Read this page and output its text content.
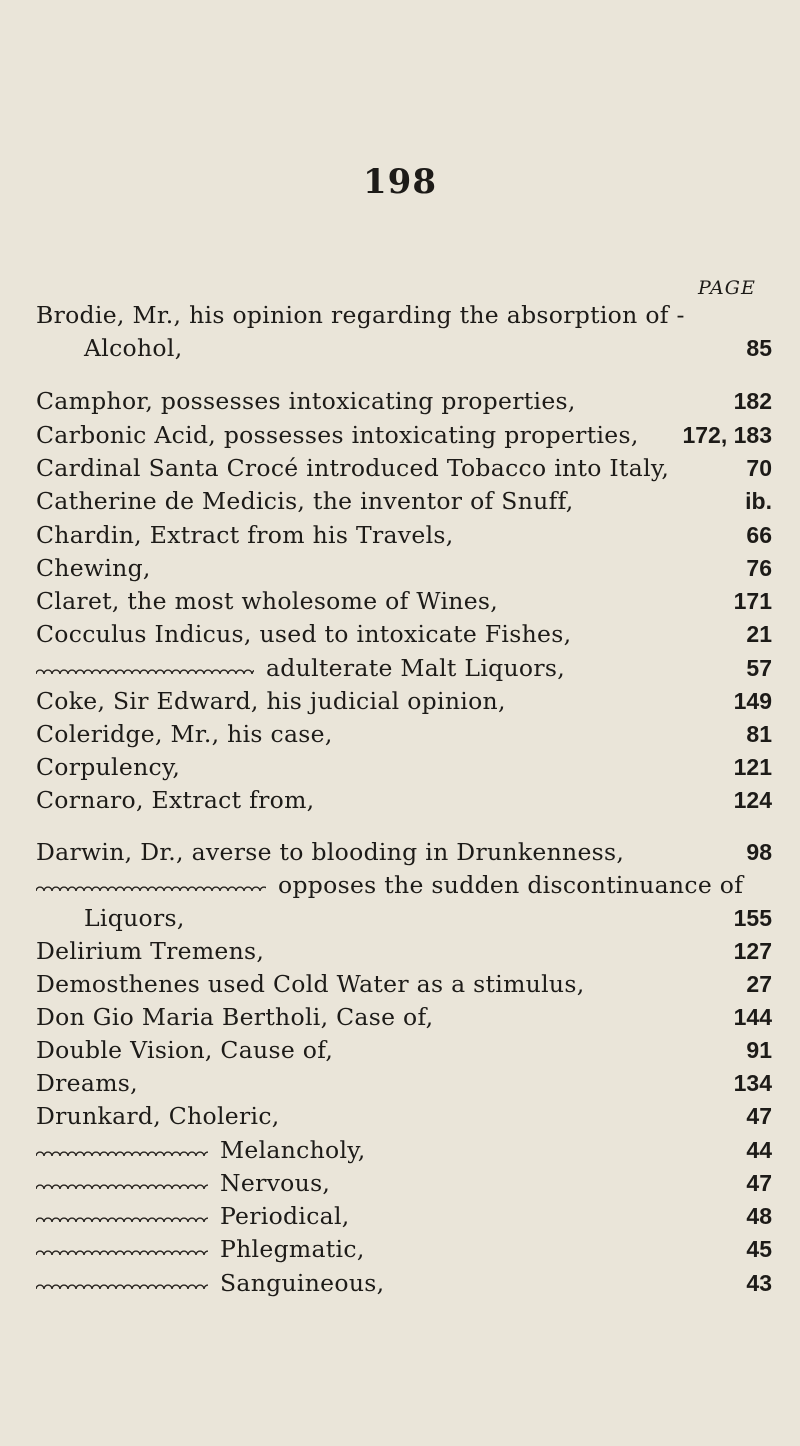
198
PAGE
Brodie, Mr., his opinion regarding the absorption of -
Alcohol,	85
Camphor, possesses intoxicating properties,	182
Carbonic Acid, possesses intoxicating properties, 172, 183
Cardinal Santa Crocé introduced Tobacco into Italy,	70
Catherine de Medicis, the inventor of Snuff,	ib.
Chardin, Extract from his Travels,	66
Chewing,	76
Claret, the most wholesome of Wines,	171
Cocculus Indicus, used to intoxicate Fishes,	21
adulterate Malt Liquors,	57
Coke, Sir Edward, his judicial opinion,	149
Coleridge, Mr., his case,	81
Corpulency,	121
Cornaro, Extract from,	124
Darwin, Dr., averse to blooding in Drunkenness,	98
opposes the sudden discontinuance of
Liquors,	155
Delirium Tremens,	127
Demosthenes used Cold Water as a stimulus,	27
Don Gio Maria Bertholi, Case of,	144
Double Vision, Cause of,	91
Dreams,	134
Drunkard, Choleric,	47
Melancholy,	44
Nervous,	47
Periodical,	48
Phlegmatic,	45
Sanguineous,	43
